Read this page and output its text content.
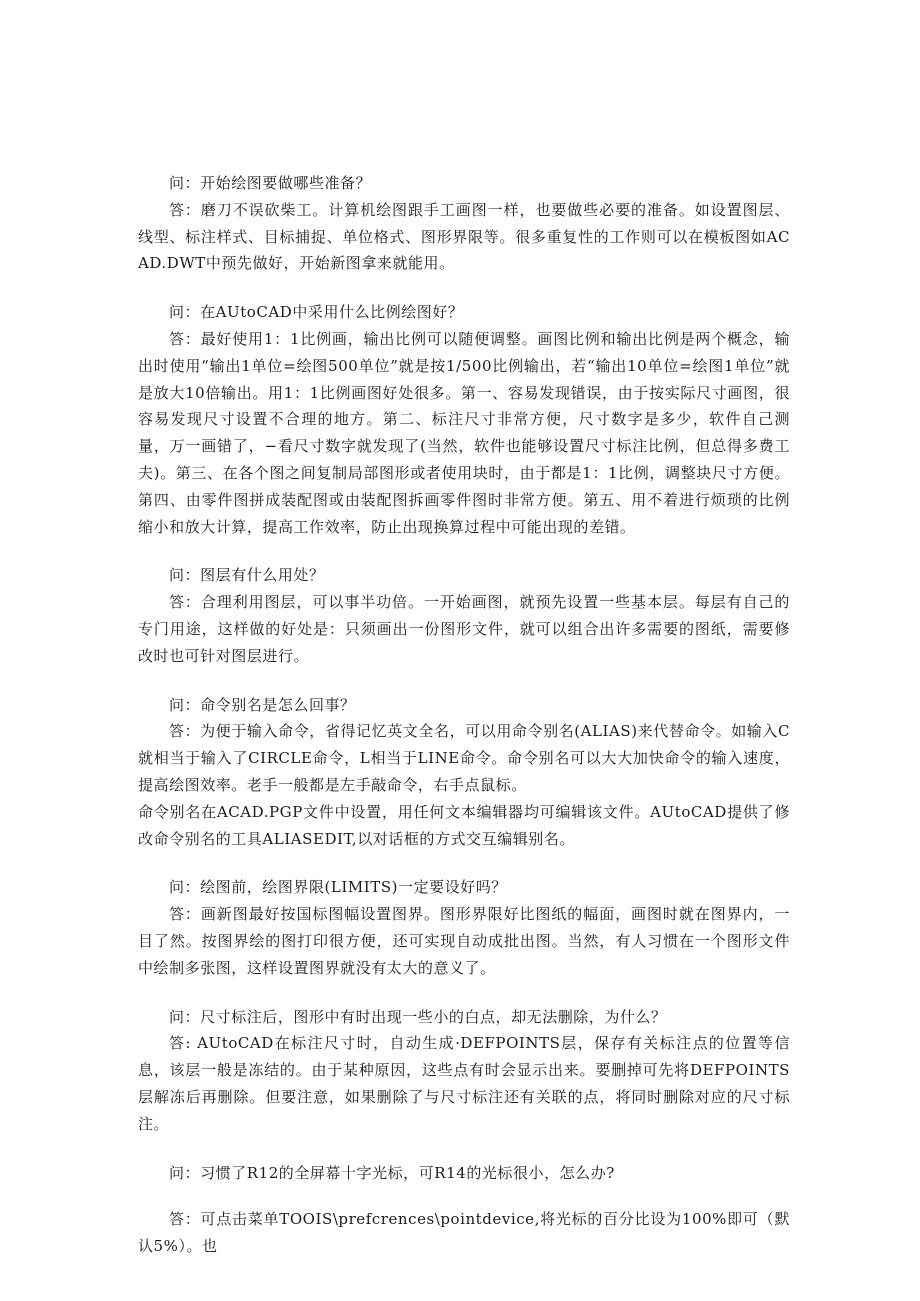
问：开始绘图要做哪些准备？

答：磨刀不误砍柴工。计算机绘图跟手工画图一样，也要做些必要的准备。如设置图层、线型、标注样式、目标捕捉、单位格式、图形界限等。很多重复性的工作则可以在模板图如ACAD.DWT中预先做好，开始新图拿来就能用。

问：在AUtoCAD中采用什么比例绘图好？

答：最好使用1：1比例画，输出比例可以随便调整。画图比例和输出比例是两个概念，输出时使用“输出1单位=绘图500单位”就是按1/500比例输出，若“输出10单位=绘图1单位”就是放大10倍输出。用1：1比例画图好处很多。第一、容易发现错误，由于按实际尺寸画图，很容易发现尺寸设置不合理的地方。第二、标注尺寸非常方便，尺寸数字是多少，软件自己测量，万一画错了，−看尺寸数字就发现了(当然，软件也能够设置尺寸标注比例，但总得多费工夫)。第三、在各个图之间复制局部图形或者使用块时，由于都是1：1比例，调整块尺寸方便。第四、由零件图拼成装配图或由装配图拆画零件图时非常方便。第五、用不着进行烦琐的比例缩小和放大计算，提高工作效率，防止出现换算过程中可能出现的差错。

问：图层有什么用处？

答：合理利用图层，可以事半功倍。一开始画图，就预先设置一些基本层。每层有自己的专门用途，这样做的好处是：只须画出一份图形文件，就可以组合出许多需要的图纸，需要修改时也可针对图层进行。

问：命令别名是怎么回事？

答：为便于输入命令，省得记忆英文全名，可以用命令别名(ALIAS)来代替命令。如输入C就相当于输入了CIRCLE命令，L相当于LINE命令。命令别名可以大大加快命令的输入速度，提高绘图效率。老手一般都是左手敲命令，右手点鼠标。

命令别名在ACAD.PGP文件中设置，用任何文本编辑器均可编辑该文件。AUtoCAD提供了修改命令别名的工具ALIASEDIT,以对话框的方式交互编辑别名。

问：绘图前，绘图界限(LIMITS)一定要设好吗？

答：画新图最好按国标图幅设置图界。图形界限好比图纸的幅面，画图时就在图界内，一目了然。按图界绘的图打印很方便，还可实现自动成批出图。当然，有人习惯在一个图形文件中绘制多张图，这样设置图界就没有太大的意义了。

问：尺寸标注后，图形中有时出现一些小的白点，却无法删除，为什么？

答: AUtoCAD在标注尺寸时，自动生成·DEFPOINTS层，保存有关标注点的位置等信息，该层一般是冻结的。由于某种原因，这些点有时会显示出来。要删掉可先将DEFPOINTS层解冻后再删除。但要注意，如果删除了与尺寸标注还有关联的点，将同时删除对应的尺寸标注。

问：习惯了R12的全屏幕十字光标，可R14的光标很小，怎么办?

答：可点击菜单TOOIS\prefcrences\pointdevice,将光标的百分比设为100%即可（默认5%）。也
